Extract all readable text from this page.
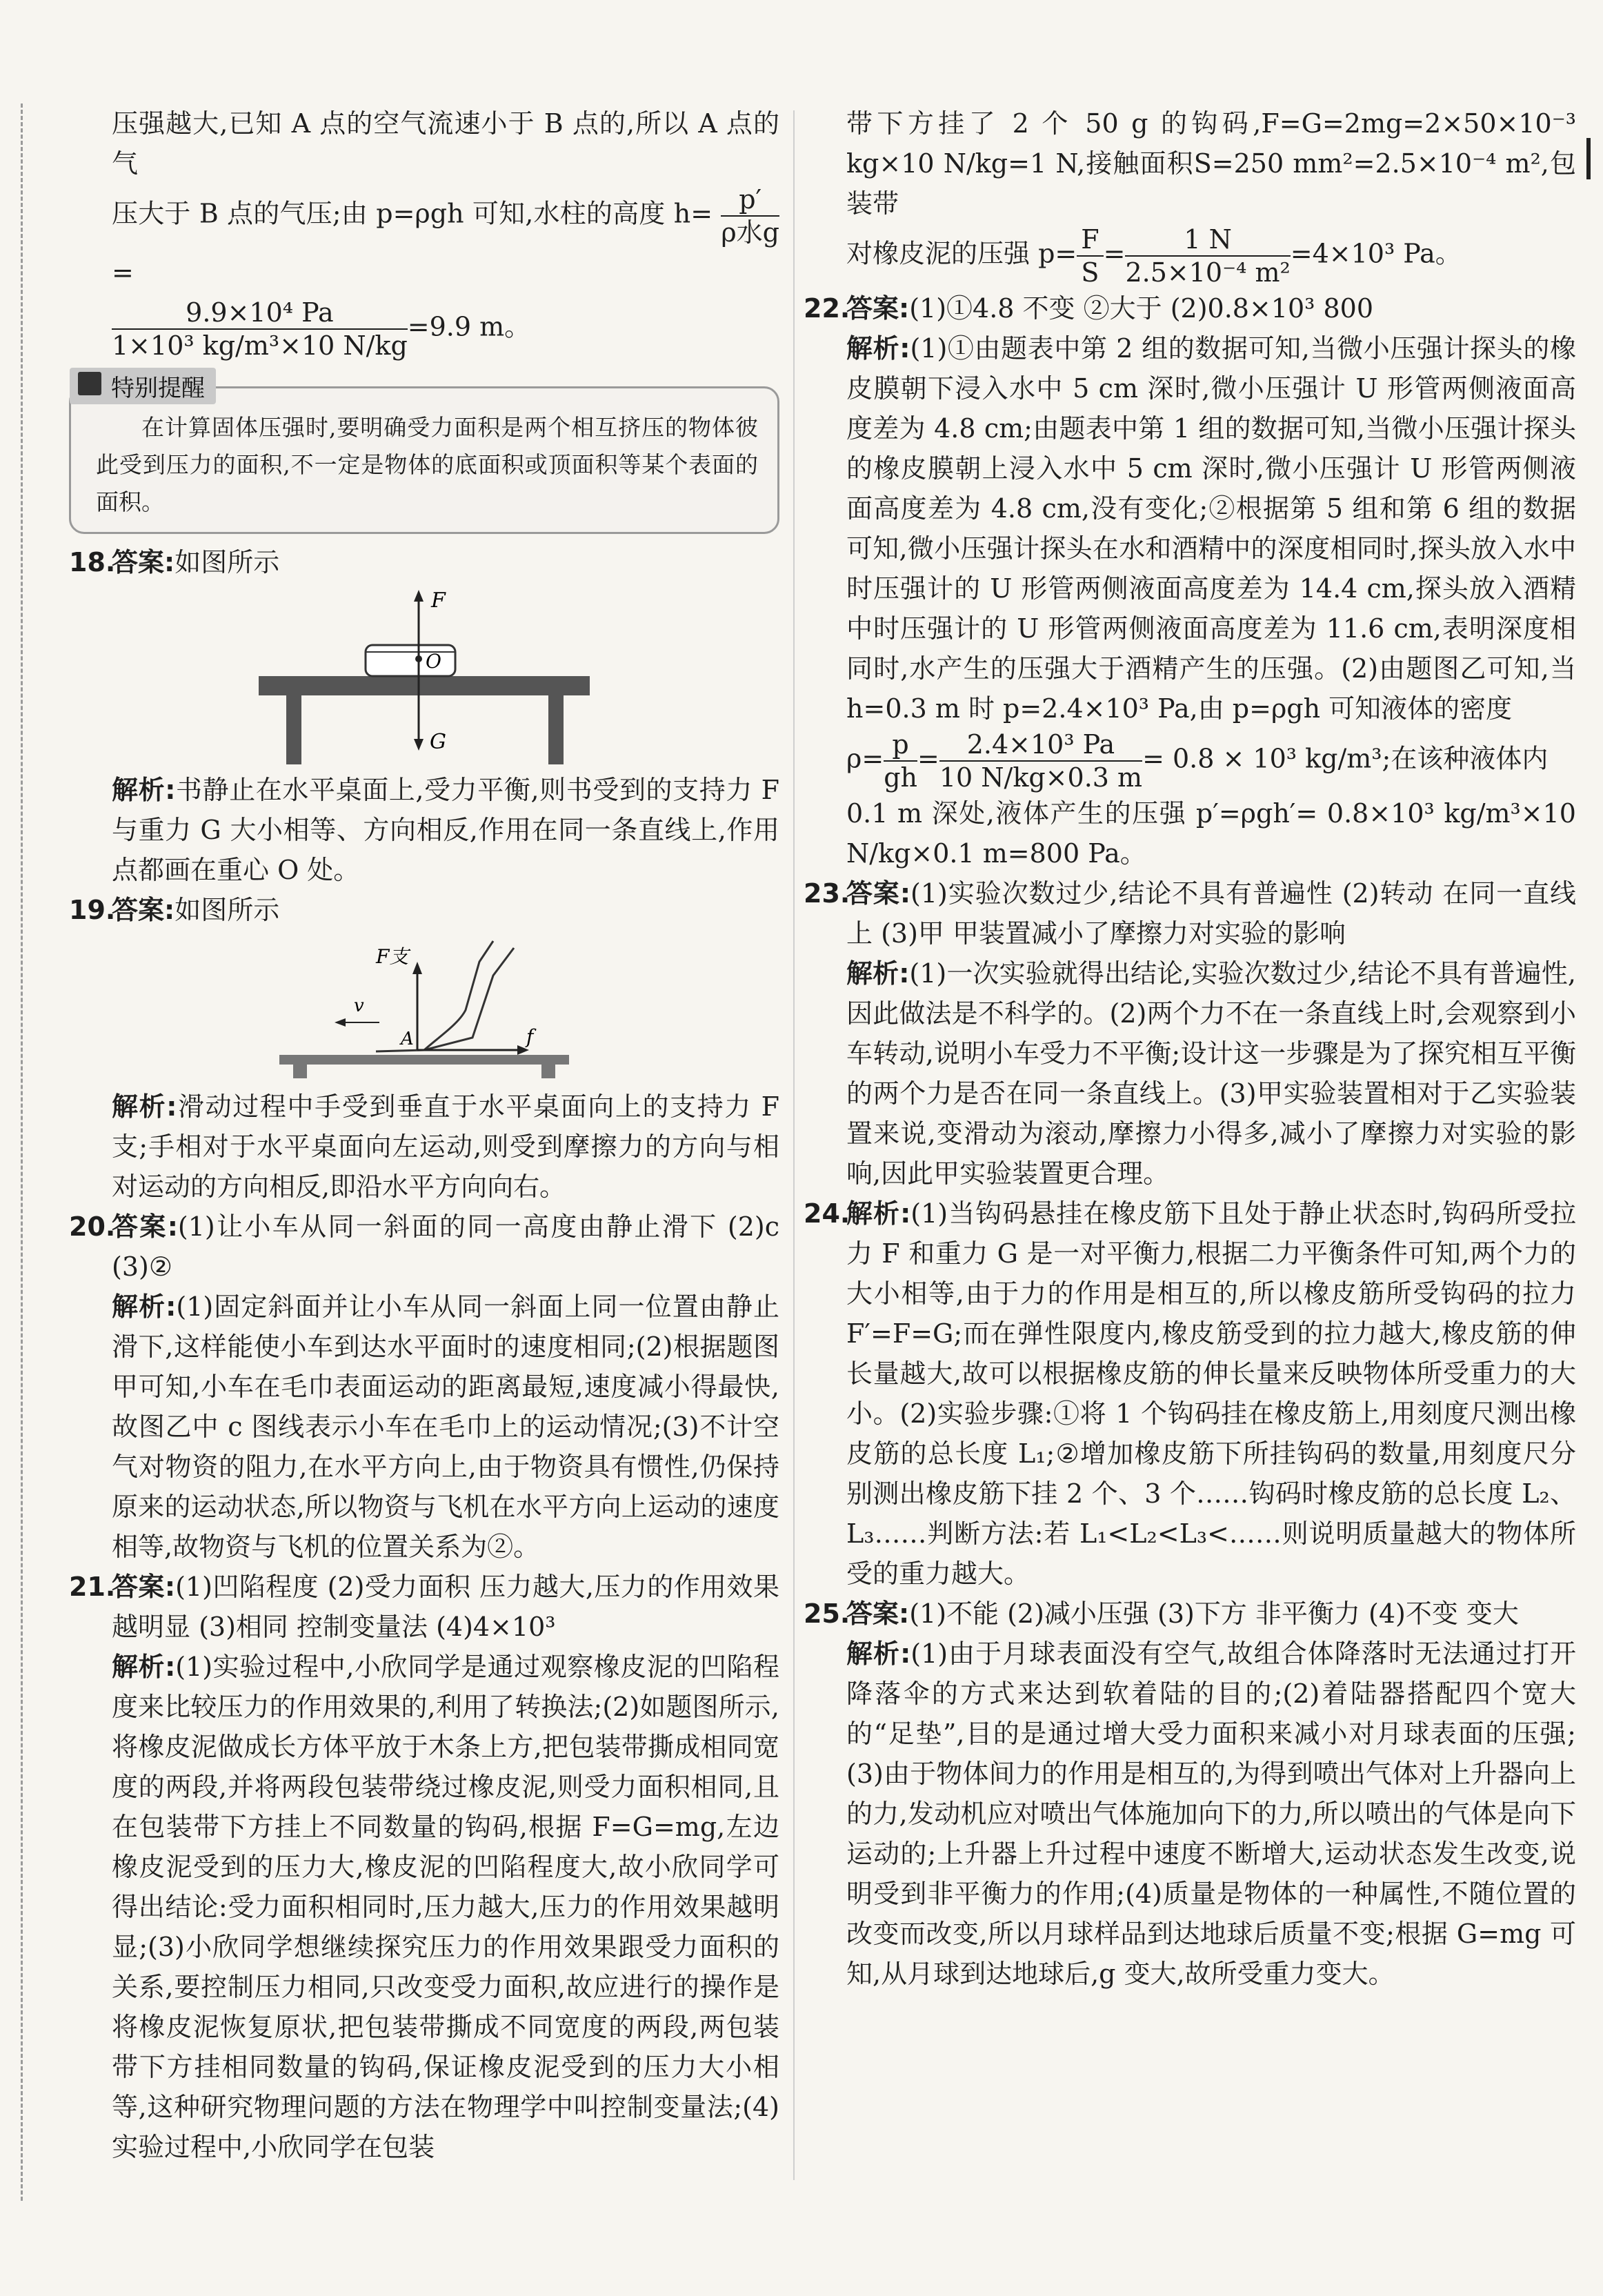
压强越大,已知 A 点的空气流速小于 B 点的,所以 A 点的气

压大于 B 点的气压;由 p=ρgh 可知,水柱的高度 $h= \frac{p'}{\text{ρ水g}}$
=

$\frac{\text{9.9×10⁴ Pa}}{\text{1×10³ kg/m³×10 N/kg}} =9.9$ m。

特别提醒
在计算固体压强时,要明确受力面积是两个相互挤压的物体彼此受到压力的面积,不一定是物体的底面积或顶面积等某个表面的面积。

18.
答案:如图所示

F
O
G

解析:书静止在水平桌面上,受力平衡,则书受到的支持力 F 与重力 G 大小相等、方向相反,作用在同一条直线上,作用点都画在重心 O 处。

19.
答案:如图所示

F支
v
A	f

解析:滑动过程中手受到垂直于水平桌面向上的支持力 F支;手相对于水平桌面向左运动,则受到摩擦力的方向与相对运动的方向相反,即沿水平方向向右。

20.
答案:(1)让小车从同一斜面的同一高度由静止滑下 (2)c (3)②

解析:(1)固定斜面并让小车从同一斜面上同一位置由静止滑下,这样能使小车到达水平面时的速度相同;(2)根据题图甲可知,小车在毛巾表面运动的距离最短,速度减小得最快,故图乙中 c 图线表示小车在毛巾上的运动情况;(3)不计空气对物资的阻力,在水平方向上,由于物资具有惯性,仍保持原来的运动状态,所以物资与飞机在水平方向上运动的速度相等,故物资与飞机的位置关系为②。

21.
答案:(1)凹陷程度 (2)受力面积 压力越大,压力的作用效果越明显 (3)相同 控制变量法 (4)4×10³

解析:(1)实验过程中,小欣同学是通过观察橡皮泥的凹陷程度来比较压力的作用效果的,利用了转换法;(2)如题图所示,将橡皮泥做成长方体平放于木条上方,把包装带撕成相同宽度的两段,并将两段包装带绕过橡皮泥,则受力面积相同,且在包装带下方挂上不同数量的钩码,根据 F=G=mg,左边橡皮泥受到的压力大,橡皮泥的凹陷程度大,故小欣同学可得出结论:受力面积相同时,压力越大,压力的作用效果越明显;(3)小欣同学想继续探究压力的作用效果跟受力面积的关系,要控制压力相同,只改变受力面积,故应进行的操作是将橡皮泥恢复原状,把包装带撕成不同宽度的两段,两包装带下方挂相同数量的钩码,保证橡皮泥受到的压力大小相等,这种研究物理问题的方法在物理学中叫控制变量法;(4)实验过程中,小欣同学在包装

带下方挂了 2 个 50 g 的钩码,F=G=2mg=2×50×10⁻³ kg×10 N/kg=1 N,接触面积S=250 mm²=2.5×10⁻⁴ m²,包装带

对橡皮泥的压强 $p= \frac{F}{S} = \frac{1 N}{\text{2.5×10⁻⁴ m²}} =4\times 10^3$ Pa。

22.
答案:(1)①4.8 不变 ②大于 (2)0.8×10³ 800

解析:(1)①由题表中第 2 组的数据可知,当微小压强计探头的橡皮膜朝下浸入水中 5 cm 深时,微小压强计 U 形管两侧液面高度差为 4.8 cm;由题表中第 1 组的数据可知,当微小压强计探头的橡皮膜朝上浸入水中 5 cm 深时,微小压强计 U 形管两侧液面高度差为 4.8 cm,没有变化;②根据第 5 组和第 6 组的数据可知,微小压强计探头在水和酒精中的深度相同时,探头放入水中时压强计的 U 形管两侧液面高度差为 14.4 cm,探头放入酒精中时压强计的 U 形管两侧液面高度差为 11.6 cm,表明深度相同时,水产生的压强大于酒精产生的压强。(2)由题图乙可知,当 h=0.3 m 时 p=2.4×10³ Pa,由 p=ρgh 可知液体的密度

$\rho= \frac{p}{gh} = \frac{\text{2.4×10³ Pa}}{10 N/kg\times 0.3 m} = 0.8 \times 10^3$ kg/m³;在该种液体内

0.1 m 深处,液体产生的压强 p′=ρgh′= 0.8×10³ kg/m³×10 N/kg×0.1 m=800 Pa。

23.
答案:(1)实验次数过少,结论不具有普遍性 (2)转动 在同一直线上 (3)甲 甲装置减小了摩擦力对实验的影响

解析:(1)一次实验就得出结论,实验次数过少,结论不具有普遍性,因此做法是不科学的。(2)两个力不在一条直线上时,会观察到小车转动,说明小车受力不平衡;设计这一步骤是为了探究相互平衡的两个力是否在同一条直线上。(3)甲实验装置相对于乙实验装置来说,变滑动为滚动,摩擦力小得多,减小了摩擦力对实验的影响,因此甲实验装置更合理。

24.
解析:(1)当钩码悬挂在橡皮筋下且处于静止状态时,钩码所受拉力 F 和重力 G 是一对平衡力,根据二力平衡条件可知,两个力的大小相等,由于力的作用是相互的,所以橡皮筋所受钩码的拉力 F′=F=G;而在弹性限度内,橡皮筋受到的拉力越大,橡皮筋的伸长量越大,故可以根据橡皮筋的伸长量来反映物体所受重力的大小。(2)实验步骤:①将 1 个钩码挂在橡皮筋上,用刻度尺测出橡皮筋的总长度 L₁;②增加橡皮筋下所挂钩码的数量,用刻度尺分别测出橡皮筋下挂 2 个、3 个……钩码时橡皮筋的总长度 L₂、L₃……判断方法:若 L₁<L₂<L₃<……则说明质量越大的物体所受的重力越大。

25.
答案:(1)不能 (2)减小压强 (3)下方 非平衡力 (4)不变 变大

解析:(1)由于月球表面没有空气,故组合体降落时无法通过打开降落伞的方式来达到软着陆的目的;(2)着陆器搭配四个宽大的“足垫”,目的是通过增大受力面积来减小对月球表面的压强;(3)由于物体间力的作用是相互的,为得到喷出气体对上升器向上的力,发动机应对喷出气体施加向下的力,所以喷出的气体是向下运动的;上升器上升过程中速度不断增大,运动状态发生改变,说明受到非平衡力的作用;(4)质量是物体的一种属性,不随位置的改变而改变,所以月球样品到达地球后质量不变;根据 G=mg 可知,从月球到达地球后,g 变大,故所受重力变大。
